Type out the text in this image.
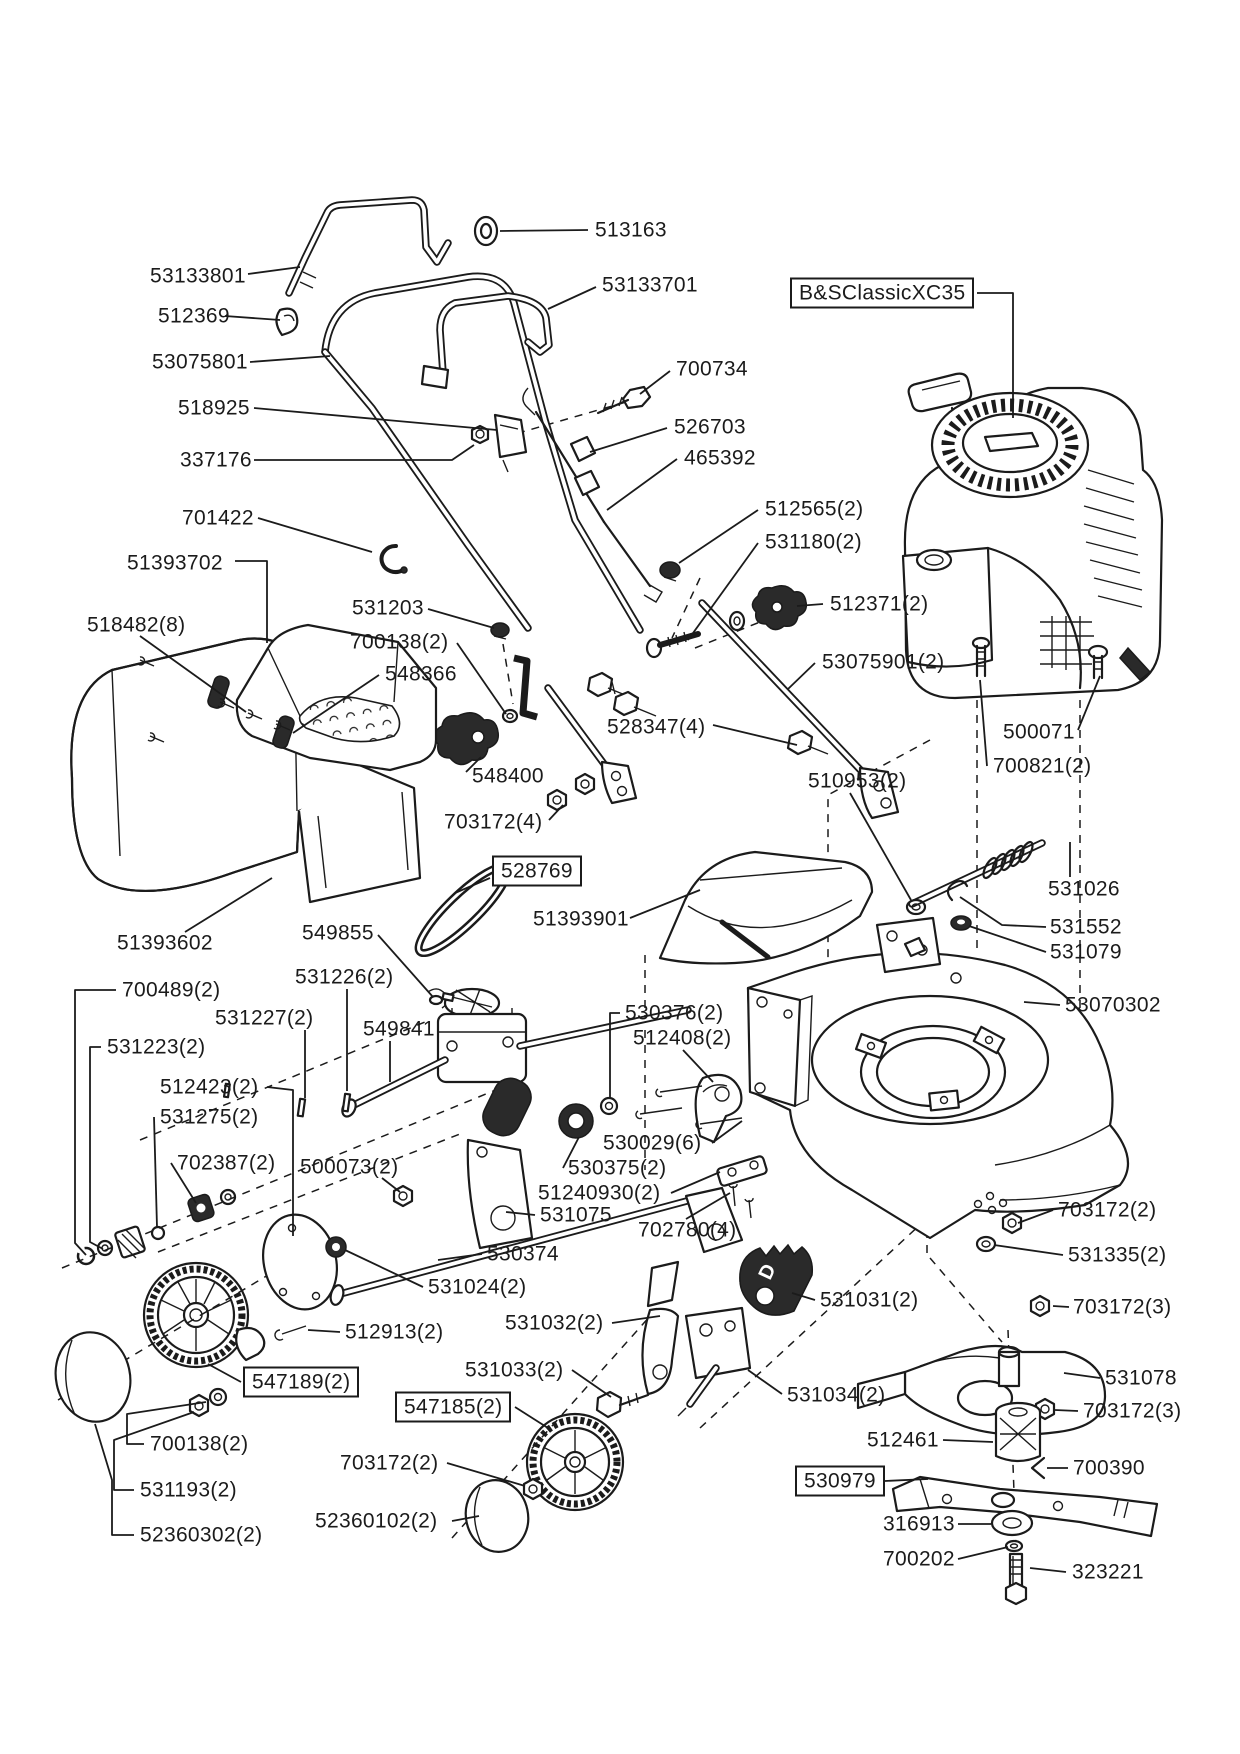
D
513163
53133801	53133701
512369
53075801	700734
518925
526703
337176	465392
701422	512565(2)
531180(2)
B&SClassicXC35
51393702
512371(2)
518482(8)
531203
700138(2)
53075901(2)
548366
548400
528347(4)
703172(4)
500071
700821(2)
510953(2)
528769
51393901
531026
531552
531079
51393602	549855
700489(2)
531226(2)
53070302
531227(2) 549841
530376(2)
512408(2)
531223(2)
512423(2)
531275(2)
702387(2) 500073(2)
530029(6)
530375(2)
51240930(2)
531075
702780(4)
703172(2)
531335(2)
530374
531024(2)
703172(3)
531031(2)
512913(2)	531032(2)
547189(2)
531033(2)
547185(2)
531034(2)
531078
703172(3)
512461
700138(2)
700390
530979
703172(2)
531193(2)
316913
52360102(2)
52360302(2)
700202
323221
